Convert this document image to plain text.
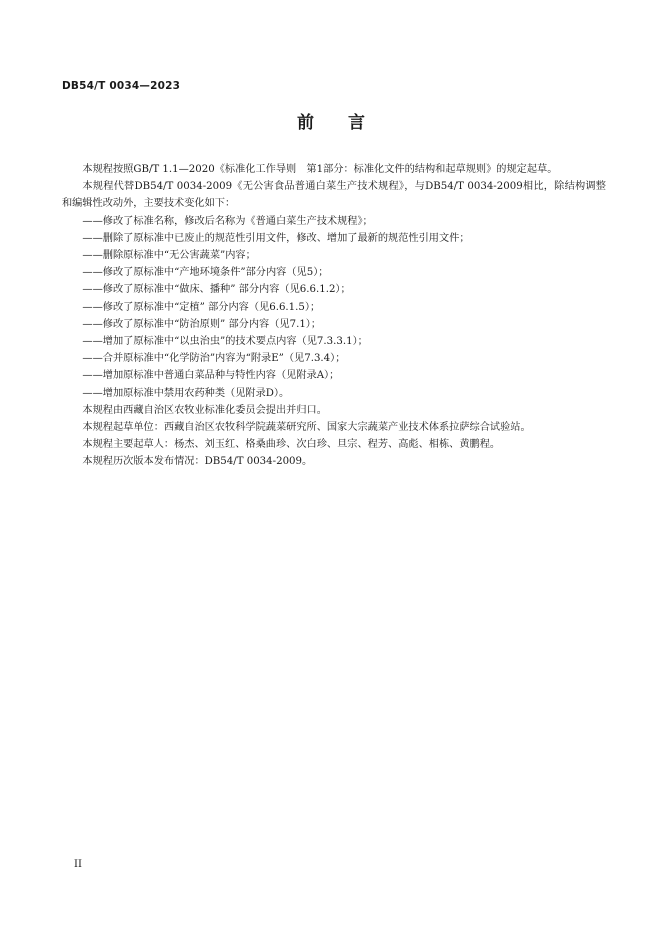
DB54/T 0034—2023
前　　言
本规程按照GB/T 1.1—2020《标准化工作导则　第1部分：标准化文件的结构和起草规则》的规定起草。
本规程代替DB54/T 0034-2009《无公害食品普通白菜生产技术规程》，与DB54/T 0034-2009相比，除结构调整和编辑性改动外，主要技术变化如下：
——修改了标准名称，修改后名称为《普通白菜生产技术规程》；
——删除了原标准中已废止的规范性引用文件，修改、增加了最新的规范性引用文件；
——删除原标准中“无公害蔬菜”内容；
——修改了原标准中“产地环境条件”部分内容（见5）；
——修改了原标准中“做床、播种” 部分内容（见6.6.1.2）；
——修改了原标准中“定植” 部分内容（见6.6.1.5）；
——修改了原标准中“防治原则” 部分内容（见7.1）；
——增加了原标准中“以虫治虫”的技术要点内容（见7.3.3.1）；
——合并原标准中“化学防治”内容为“附录E”（见7.3.4）；
——增加原标准中普通白菜品种与特性内容（见附录A）；
——增加原标准中禁用农药种类（见附录D）。
本规程由西藏自治区农牧业标准化委员会提出并归口。
本规程起草单位：西藏自治区农牧科学院蔬菜研究所、国家大宗蔬菜产业技术体系拉萨综合试验站。
本规程主要起草人：杨杰、刘玉红、格桑曲珍、次白珍、旦宗、程芳、高彪、相栋、黄鹏程。
本规程历次版本发布情况：DB54/T 0034-2009。
II
